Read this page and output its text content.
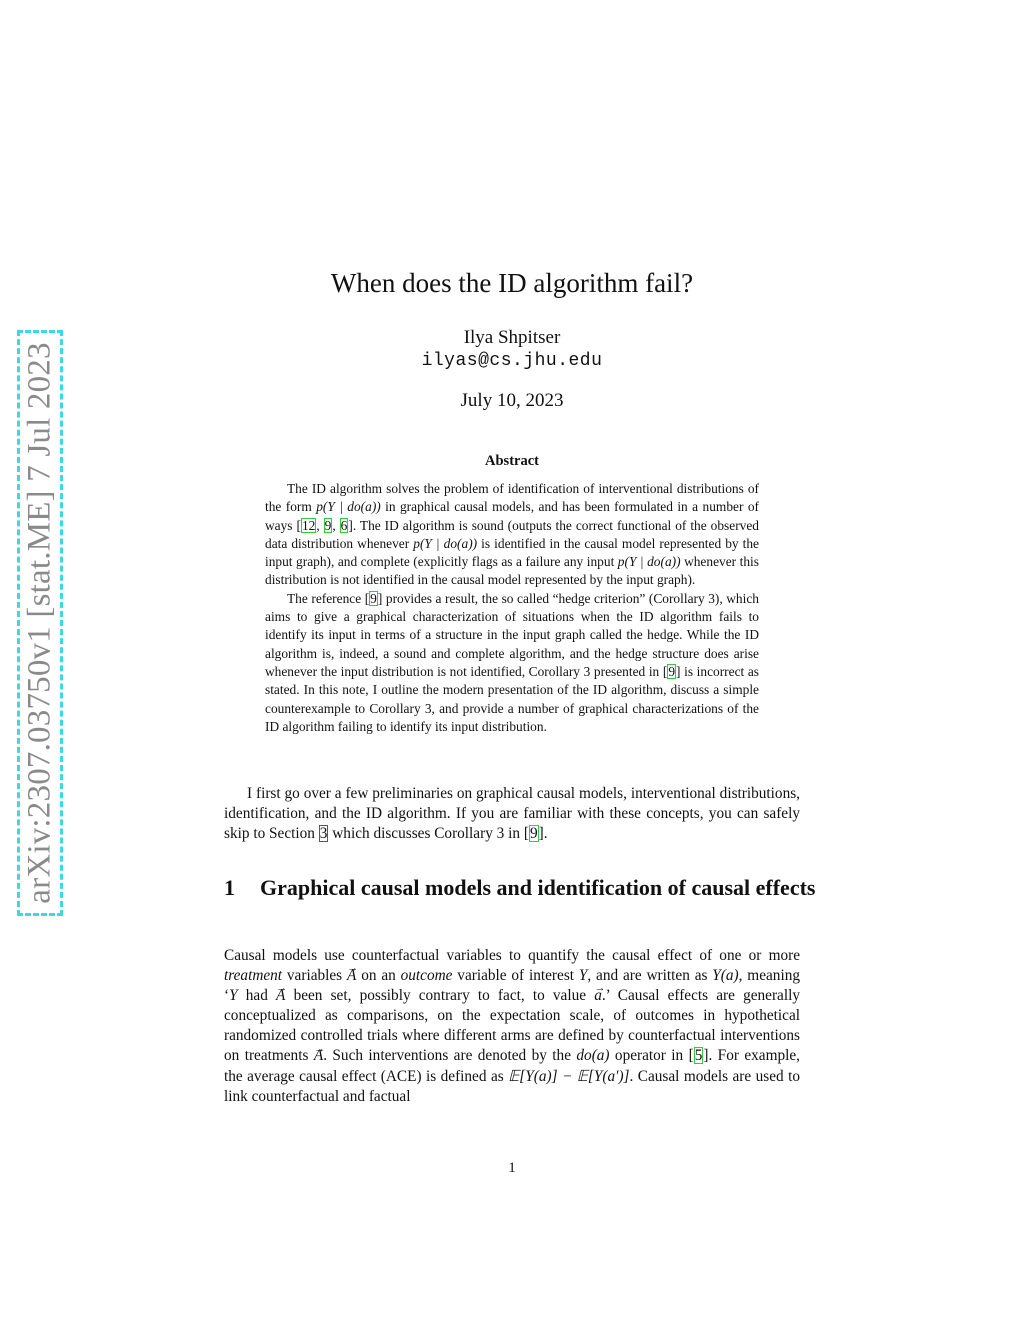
arXiv:2307.03750v1 [stat.ME] 7 Jul 2023
When does the ID algorithm fail?
Ilya Shpitser
ilyas@cs.jhu.edu
July 10, 2023
Abstract

The ID algorithm solves the problem of identification of interventional distributions of the form p(Y | do(a)) in graphical causal models, and has been formulated in a number of ways [12, 9, 6]. The ID algorithm is sound (outputs the correct functional of the observed data distribution whenever p(Y | do(a)) is identified in the causal model represented by the input graph), and complete (explicitly flags as a failure any input p(Y | do(a)) whenever this distribution is not identified in the causal model represented by the input graph).

The reference [9] provides a result, the so called “hedge criterion” (Corollary 3), which aims to give a graphical characterization of situations when the ID algorithm fails to identify its input in terms of a structure in the input graph called the hedge. While the ID algorithm is, indeed, a sound and complete algorithm, and the hedge structure does arise whenever the input distribution is not identified, Corollary 3 presented in [9] is incorrect as stated. In this note, I outline the modern presentation of the ID algorithm, discuss a simple counterexample to Corollary 3, and provide a number of graphical characterizations of the ID algorithm failing to identify its input distribution.

I first go over a few preliminaries on graphical causal models, interventional distributions, identification, and the ID algorithm. If you are familiar with these concepts, you can safely skip to Section 3 which discusses Corollary 3 in [9].

1 Graphical causal models and identification of causal effects

Causal models use counterfactual variables to quantify the causal effect of one or more treatment variables → A on an outcome variable of interest Y, and are written as Y(a), meaning ‘Y had → A been set, possibly contrary to fact, to value → a.’ Causal effects are generally conceptualized as comparisons, on the expectation scale, of outcomes in hypothetical randomized controlled trials where different arms are defined by counterfactual interventions on treatments → A. Such interventions are denoted by the do(a) operator in [5]. For example, the average causal effect (ACE) is defined as 𝔼[Y(a)] − 𝔼[Y(a′)]. Causal models are used to link counterfactual and factual

1
